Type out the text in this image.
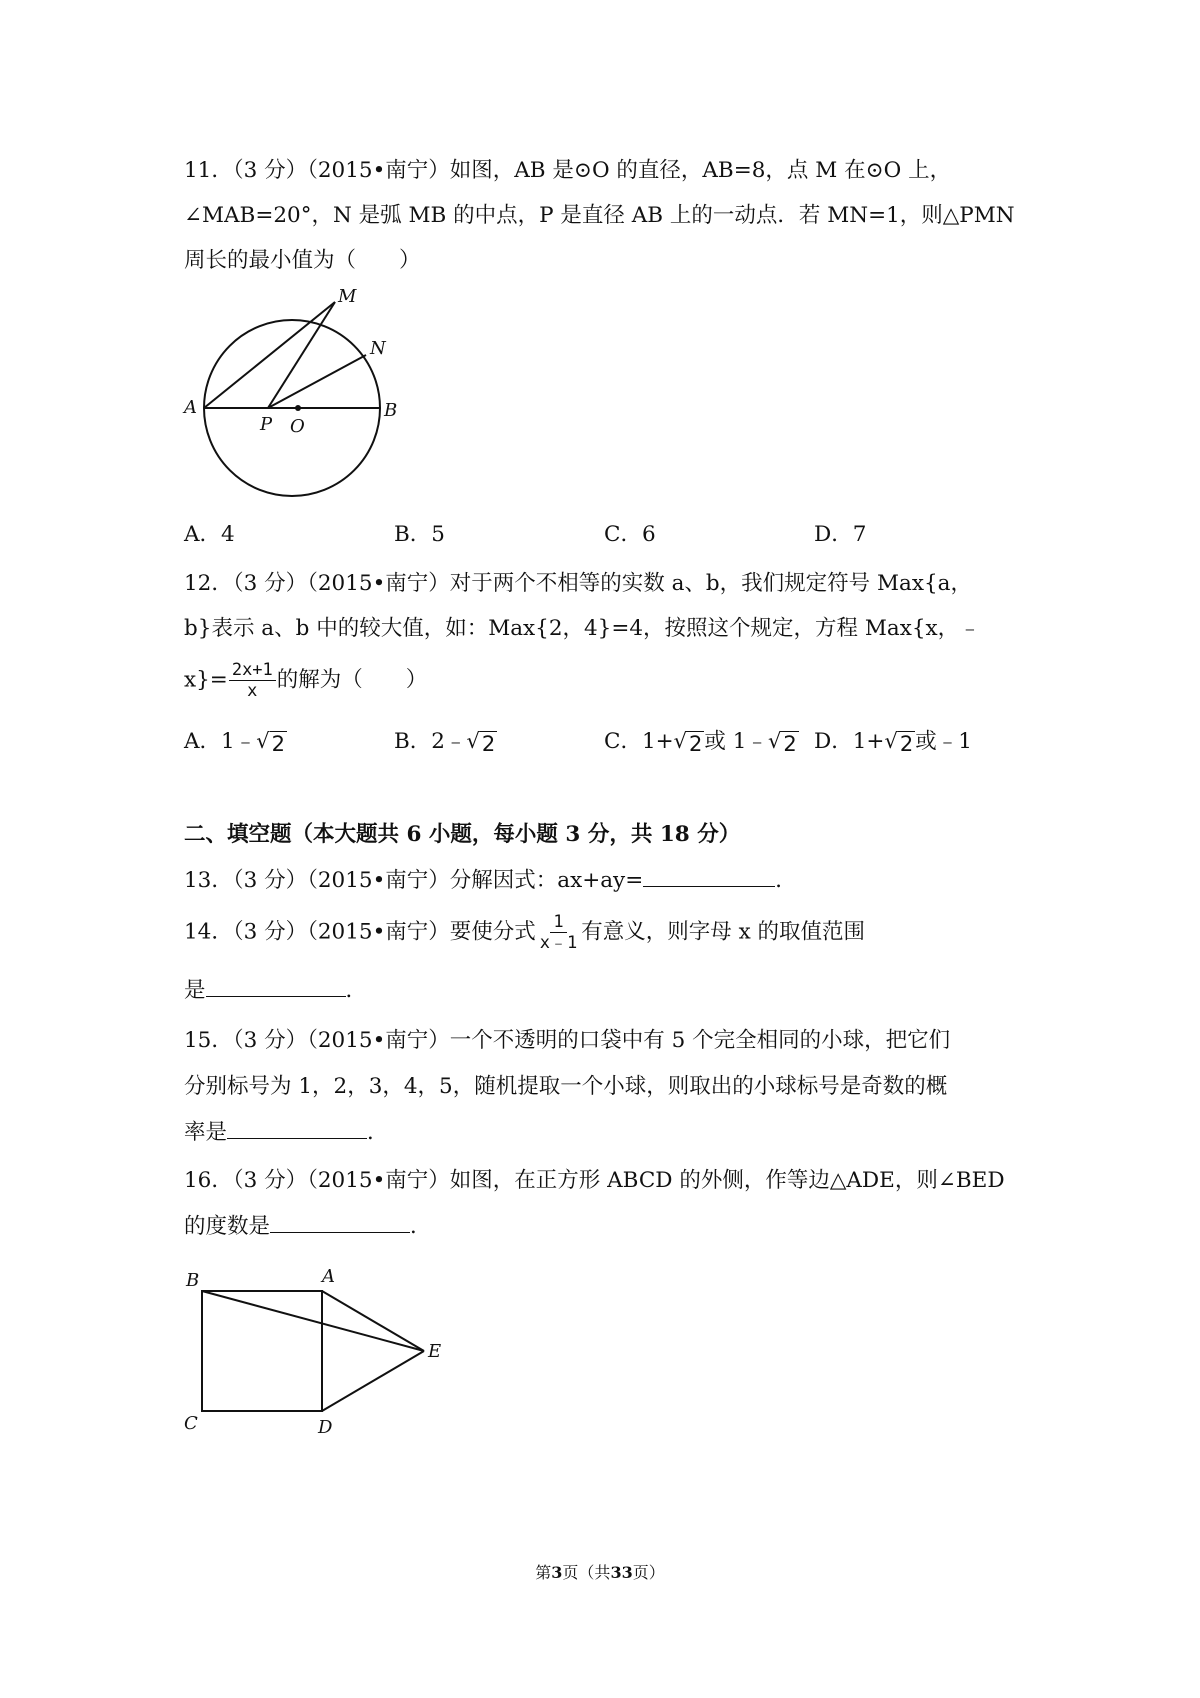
11．（3 分）（2015•南宁）如图，AB 是⊙O 的直径，AB=8，点 M 在⊙O 上，
∠MAB=20°，N 是弧 MB 的中点，P 是直径 AB 上的一动点．若 MN=1，则△PMN
周长的最小值为（　　）
M
N
A	B
P O
A．4	B．5	C．6	D．7
12．（3 分）（2015•南宁）对于两个不相等的实数 a、b，我们规定符号 Max{a，
b}表示 a、b 中的较大值，如：Max{2，4}=4，按照这个规定，方程 Max{x，﹣
$x\}= \frac{2x+1}{x}$ 的解为（　　）
A．1﹣√ 2	B．2﹣√ 2	C．1+√ 2 或 1﹣√ 2 D．1+√ 2 或﹣1
二、填空题（本大题共 6 小题，每小题 3 分，共 18 分）
13．（3 分）（2015•南宁）分解因式：ax+ay=	．
14．（3 分）（2015•南宁）要使分式 $\frac{1}{x﹣1}$ 有意义，则字母 x 的取值范围
是	．
15．（3 分）（2015•南宁）一个不透明的口袋中有 5 个完全相同的小球，把它们
分别标号为 1，2，3，4，5，随机提取一个小球，则取出的小球标号是奇数的概
率是	．
16．（3 分）（2015•南宁）如图，在正方形 ABCD 的外侧，作等边△ADE，则∠BED
的度数是	．
B	A
E
C	D
第3页（共33页）
